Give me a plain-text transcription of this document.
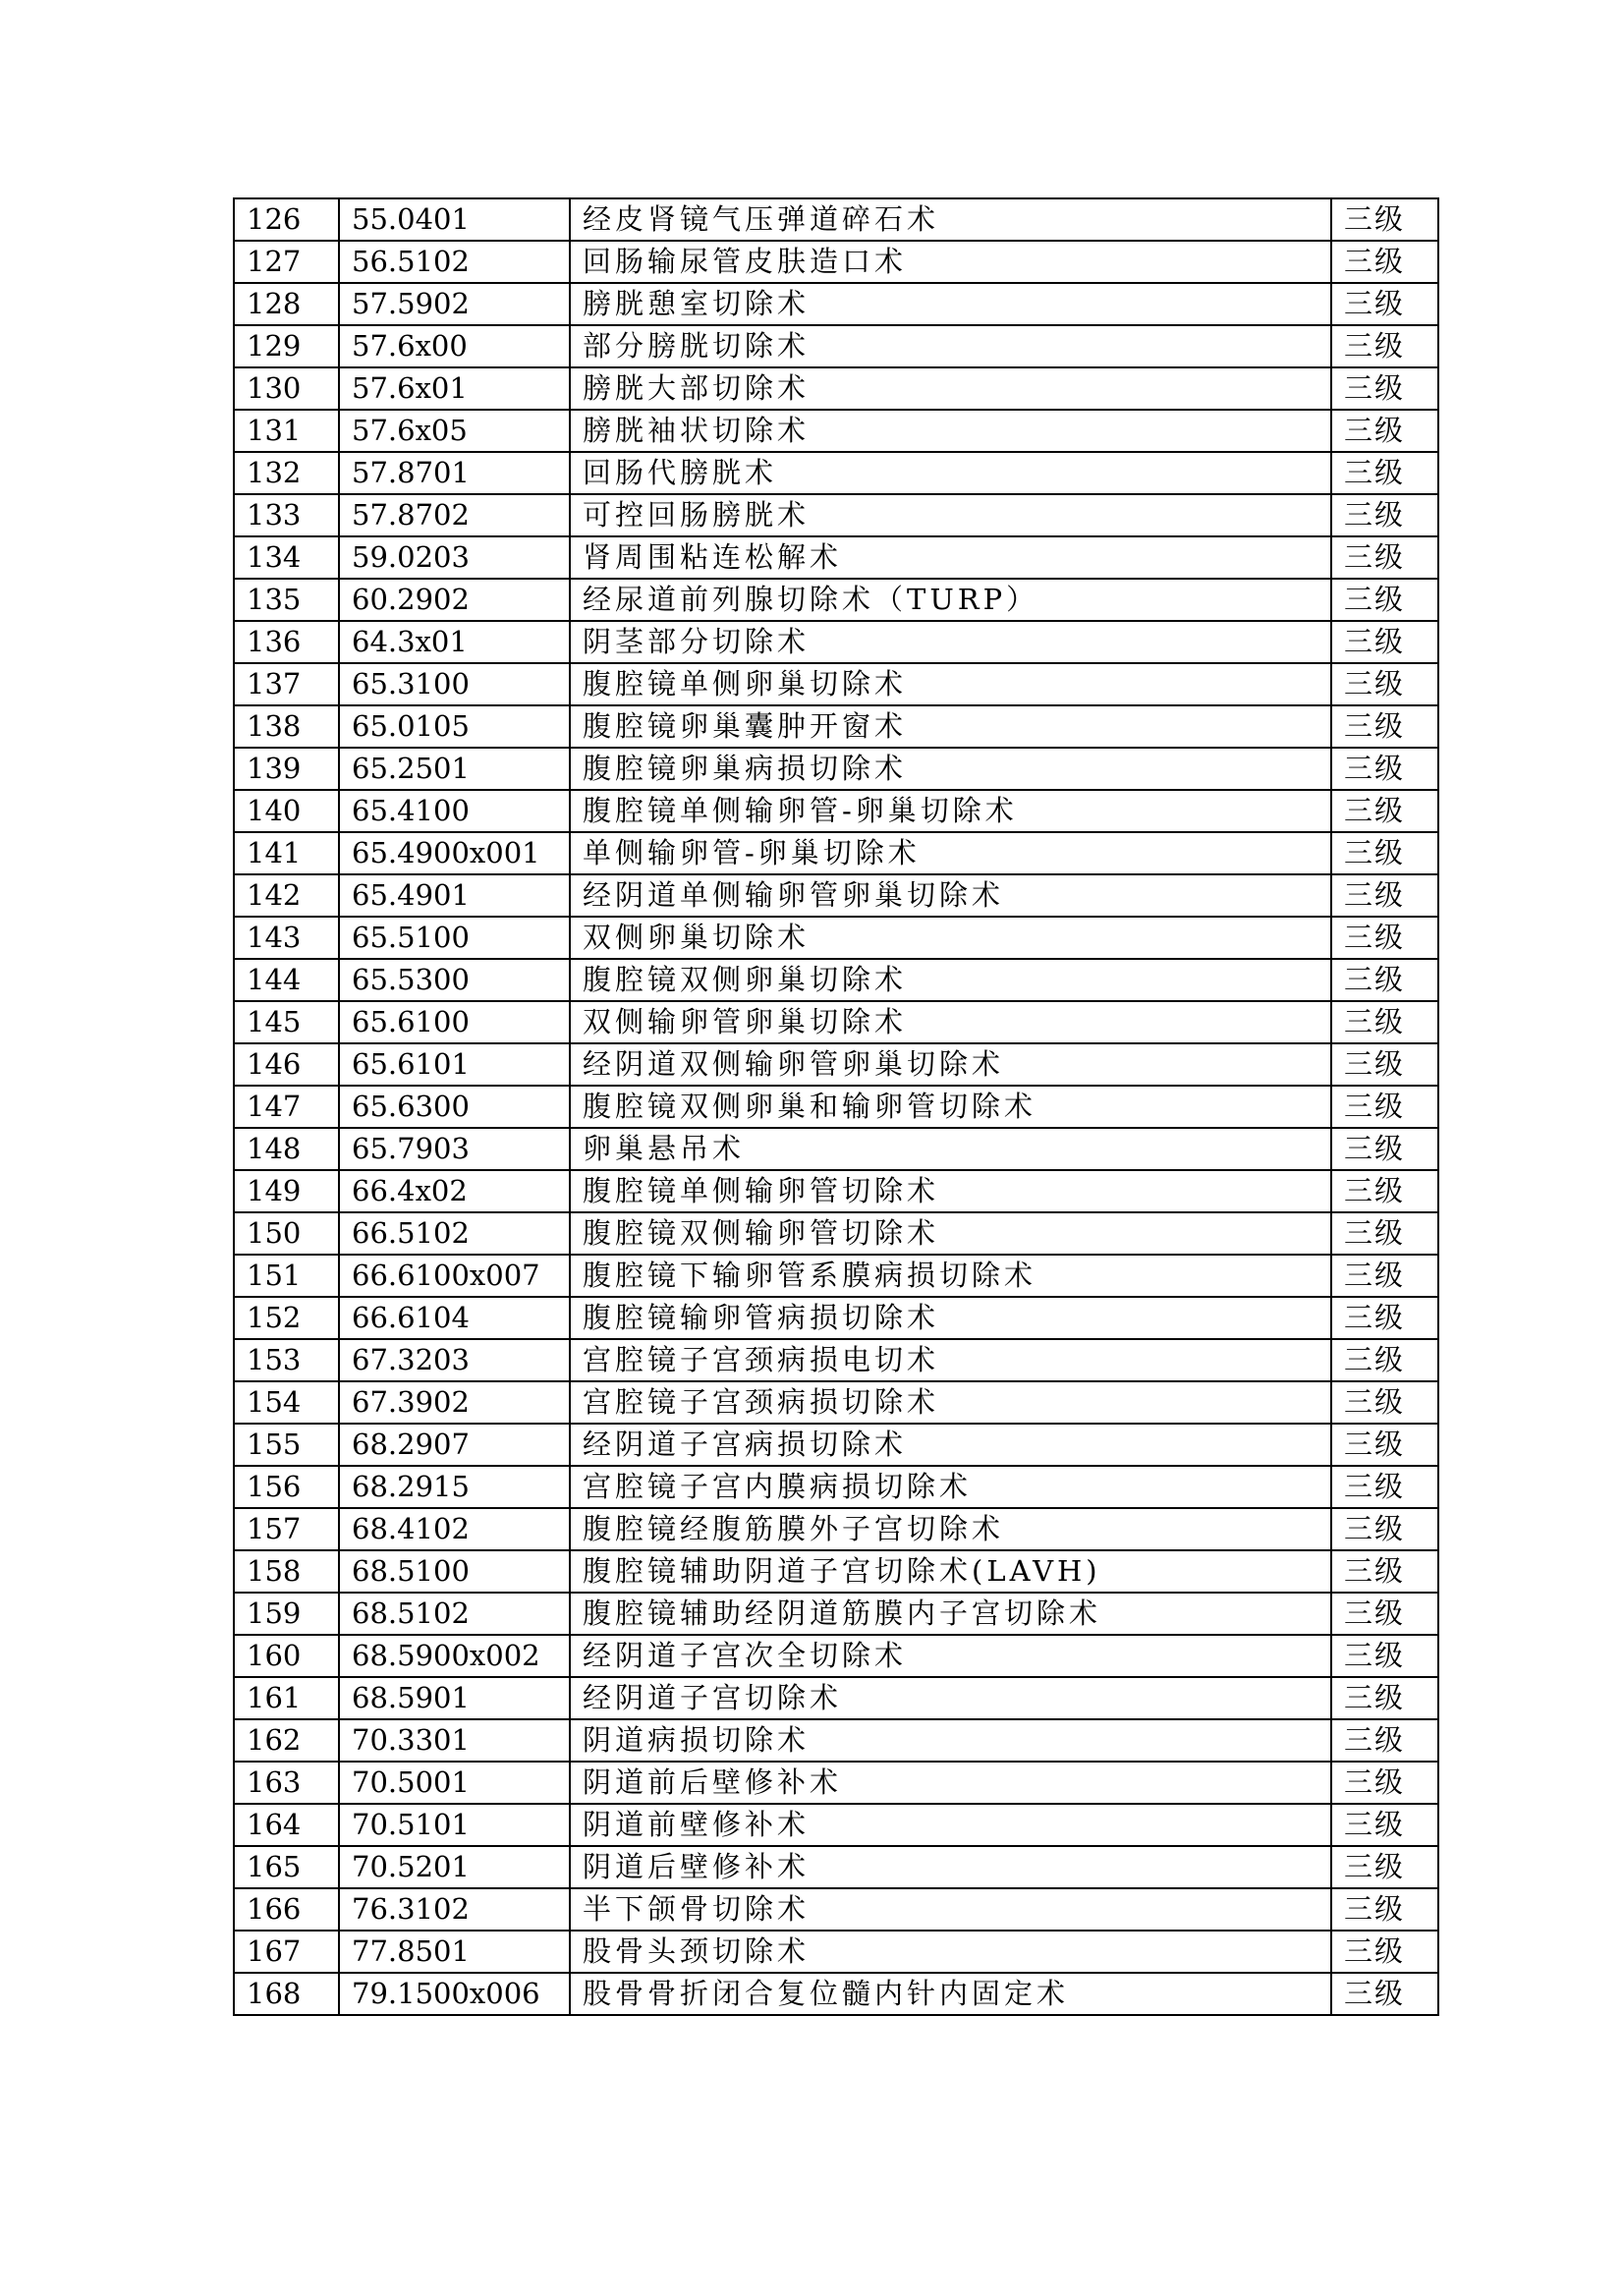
126	55.0401	经皮肾镜气压弹道碎石术	三级
127	56.5102	回肠输尿管皮肤造口术	三级
128	57.5902	膀胱憩室切除术	三级
129	57.6x00	部分膀胱切除术	三级
130	57.6x01	膀胱大部切除术	三级
131	57.6x05	膀胱袖状切除术	三级
132	57.8701	回肠代膀胱术	三级
133	57.8702	可控回肠膀胱术	三级
134	59.0203	肾周围粘连松解术	三级
135	60.2902	经尿道前列腺切除术（TURP）	三级
136	64.3x01	阴茎部分切除术	三级
137	65.3100	腹腔镜单侧卵巢切除术	三级
138	65.0105	腹腔镜卵巢囊肿开窗术	三级
139	65.2501	腹腔镜卵巢病损切除术	三级
140	65.4100	腹腔镜单侧输卵管-卵巢切除术	三级
141	65.4900x001	单侧输卵管-卵巢切除术	三级
142	65.4901	经阴道单侧输卵管卵巢切除术	三级
143	65.5100	双侧卵巢切除术	三级
144	65.5300	腹腔镜双侧卵巢切除术	三级
145	65.6100	双侧输卵管卵巢切除术	三级
146	65.6101	经阴道双侧输卵管卵巢切除术	三级
147	65.6300	腹腔镜双侧卵巢和输卵管切除术	三级
148	65.7903	卵巢悬吊术	三级
149	66.4x02	腹腔镜单侧输卵管切除术	三级
150	66.5102	腹腔镜双侧输卵管切除术	三级
151	66.6100x007	腹腔镜下输卵管系膜病损切除术	三级
152	66.6104	腹腔镜输卵管病损切除术	三级
153	67.3203	宫腔镜子宫颈病损电切术	三级
154	67.3902	宫腔镜子宫颈病损切除术	三级
155	68.2907	经阴道子宫病损切除术	三级
156	68.2915	宫腔镜子宫内膜病损切除术	三级
157	68.4102	腹腔镜经腹筋膜外子宫切除术	三级
158	68.5100	腹腔镜辅助阴道子宫切除术(LAVH)	三级
159	68.5102	腹腔镜辅助经阴道筋膜内子宫切除术	三级
160	68.5900x002	经阴道子宫次全切除术	三级
161	68.5901	经阴道子宫切除术	三级
162	70.3301	阴道病损切除术	三级
163	70.5001	阴道前后壁修补术	三级
164	70.5101	阴道前壁修补术	三级
165	70.5201	阴道后壁修补术	三级
166	76.3102	半下颌骨切除术	三级
167	77.8501	股骨头颈切除术	三级
168	79.1500x006	股骨骨折闭合复位髓内针内固定术	三级
